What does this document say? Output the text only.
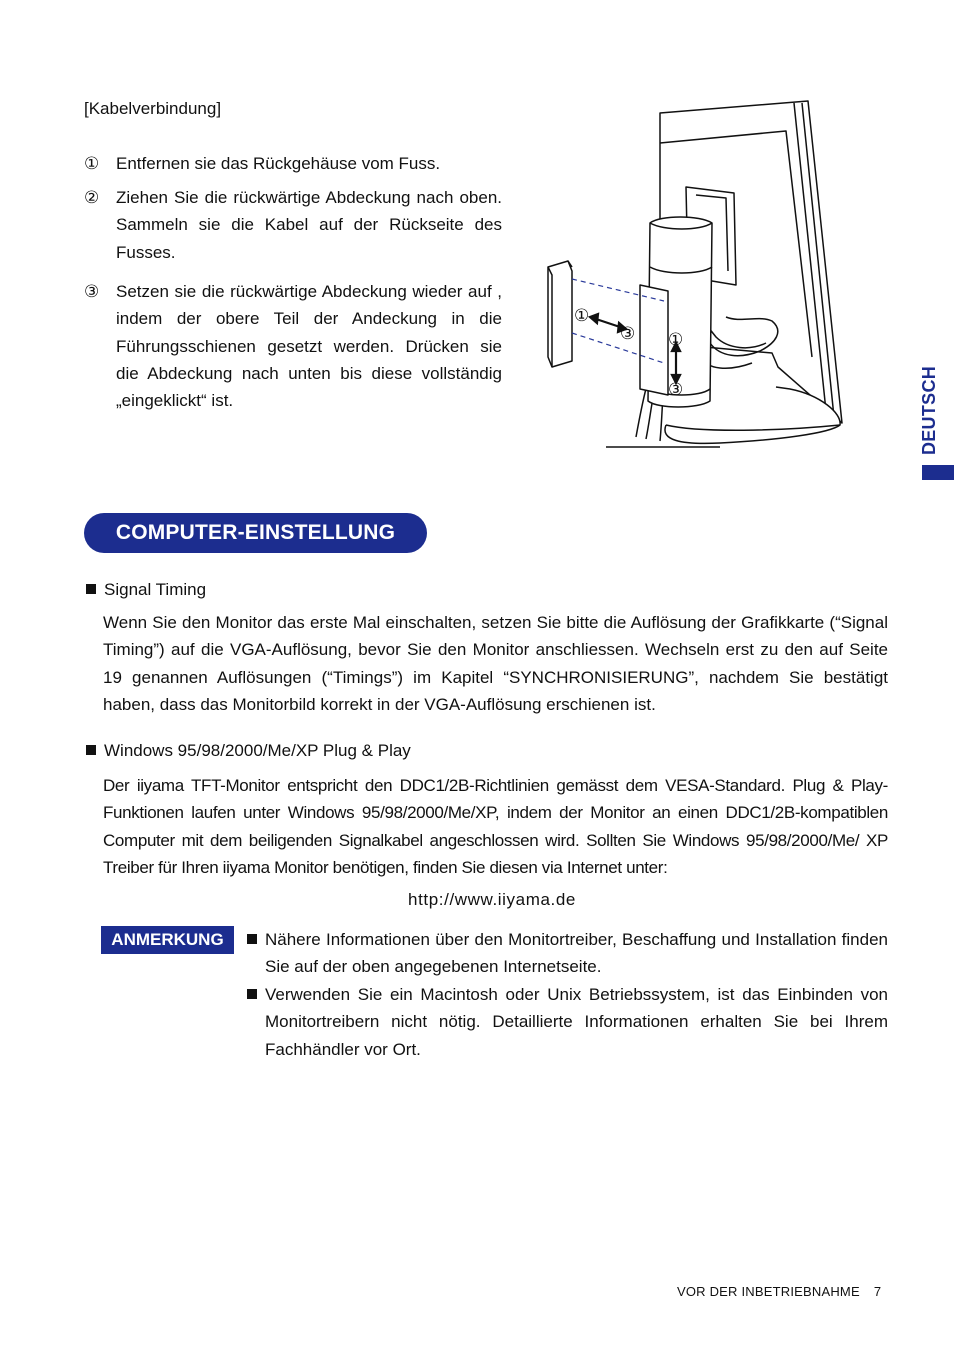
[Kabelverbindung]
① Entfernen sie das Rückgehäuse vom Fuss.

② Ziehen Sie die rückwärtige Abdeckung nach oben. Sammeln sie die Kabel auf der Rückseite des Fusses.

③ Setzen sie die rückwärtige Abdeckung wieder auf , indem der obere Teil der Andeckung in die Führungsschienen gesetzt werden. Drücken sie die Abdeckung nach unten bis diese vollständig „eingeklickt“ ist.

①
③ ①
③	DEUTSCH
COMPUTER-EINSTELLUNG
Signal Timing

Wenn Sie den Monitor das erste Mal einschalten, setzen Sie bitte die Auflösung der Grafikkarte (“Signal Timing”) auf die VGA-Auflösung, bevor Sie den Monitor anschliessen. Wechseln erst zu den auf Seite 19 genannen Auflösungen (“Timings”) im Kapitel “SYNCHRONISIERUNG”, nachdem Sie bestätigt haben, dass das Monitorbild korrekt in der VGA-Auflösung erschienen ist.

Windows 95/98/2000/Me/XP Plug & Play

Der iiyama TFT-Monitor entspricht den DDC1/2B-Richtlinien gemässt dem VESA-Standard. Plug & Play-Funktionen laufen unter Windows 95/98/2000/Me/XP, indem der Monitor an einen DDC1/2B-kompatiblen Computer mit dem beiligenden Signalkabel angeschlossen wird. Sollten Sie Windows 95/98/2000/Me/ XP Treiber für Ihren iiyama Monitor benötigen, finden Sie diesen via Internet unter:

http://www.iiyama.de
ANMERKUNG Nähere Informationen über den Monitortreiber, Beschaffung und Installation finden Sie auf der oben angegebenen Internetseite.

Verwenden Sie ein Macintosh oder Unix Betriebssystem, ist das Einbinden von Monitortreibern nicht nötig. Detaillierte Informationen erhalten Sie bei Ihrem Fachhändler vor Ort.

VOR DER INBETRIEBNAHME 7
